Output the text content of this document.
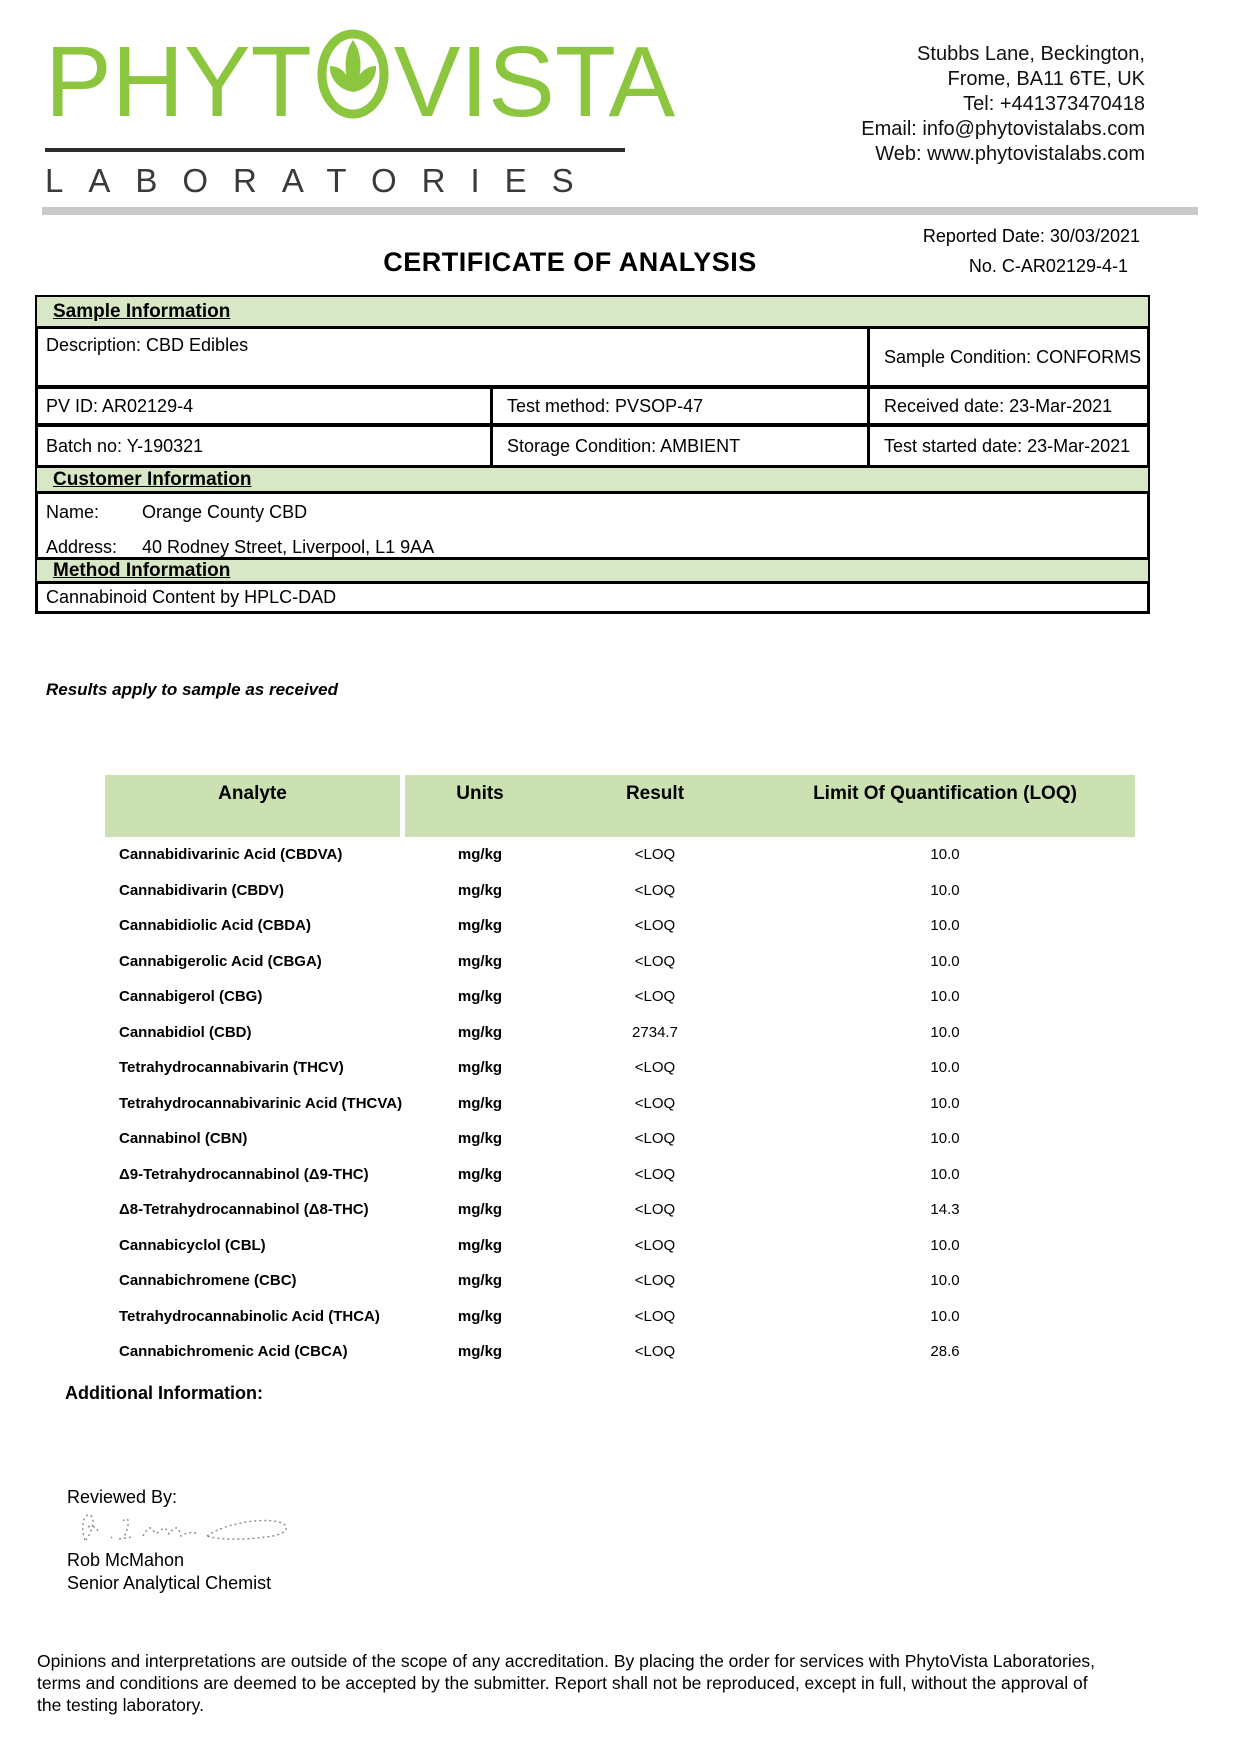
PHYT VISTA
LABORATORIES
Stubbs Lane, Beckington,
Frome, BA11 6TE, UK
Tel: +441373470418
Email: info@phytovistalabs.com
Web: www.phytovistalabs.com
Reported Date: 30/03/2021
CERTIFICATE OF ANALYSIS	No. C-AR02129-4-1
Sample Information
Description: CBD Edibles
Sample Condition: CONFORMS
PV ID: AR02129-4	Test method: PVSOP-47	Received date: 23-Mar-2021
Batch no: Y-190321	Storage Condition: AMBIENT	Test started date: 23-Mar-2021
Customer Information
Name:	Orange County CBD
Address:	40 Rodney Street, Liverpool, L1 9AA
Method Information
Cannabinoid Content by HPLC-DAD
Results apply to sample as received
Analyte	Units	Result	Limit Of Quantification (LOQ)
Cannabidivarinic Acid (CBDVA)	mg/kg	<LOQ	10.0
Cannabidivarin (CBDV)	mg/kg	<LOQ	10.0
Cannabidiolic Acid (CBDA)	mg/kg	<LOQ	10.0
Cannabigerolic Acid (CBGA)	mg/kg	<LOQ	10.0
Cannabigerol (CBG)	mg/kg	<LOQ	10.0
Cannabidiol (CBD)	mg/kg	2734.7	10.0
Tetrahydrocannabivarin (THCV)	mg/kg	<LOQ	10.0
Tetrahydrocannabivarinic Acid (THCVA)	mg/kg	<LOQ	10.0
Cannabinol (CBN)	mg/kg	<LOQ	10.0
Δ9-Tetrahydrocannabinol (Δ9-THC)	mg/kg	<LOQ	10.0
Δ8-Tetrahydrocannabinol (Δ8-THC)	mg/kg	<LOQ	14.3
Cannabicyclol (CBL)	mg/kg	<LOQ	10.0
Cannabichromene (CBC)	mg/kg	<LOQ	10.0
Tetrahydrocannabinolic Acid (THCA)	mg/kg	<LOQ	10.0
Cannabichromenic Acid (CBCA)	mg/kg	<LOQ	28.6
Additional Information:
Reviewed By:
Rob McMahon
Senior Analytical Chemist
Opinions and interpretations are outside of the scope of any accreditation. By placing the order for services with PhytoVista Laboratories,
terms and conditions are deemed to be accepted by the submitter. Report shall not be reproduced, except in full, without the approval of
the testing laboratory.
